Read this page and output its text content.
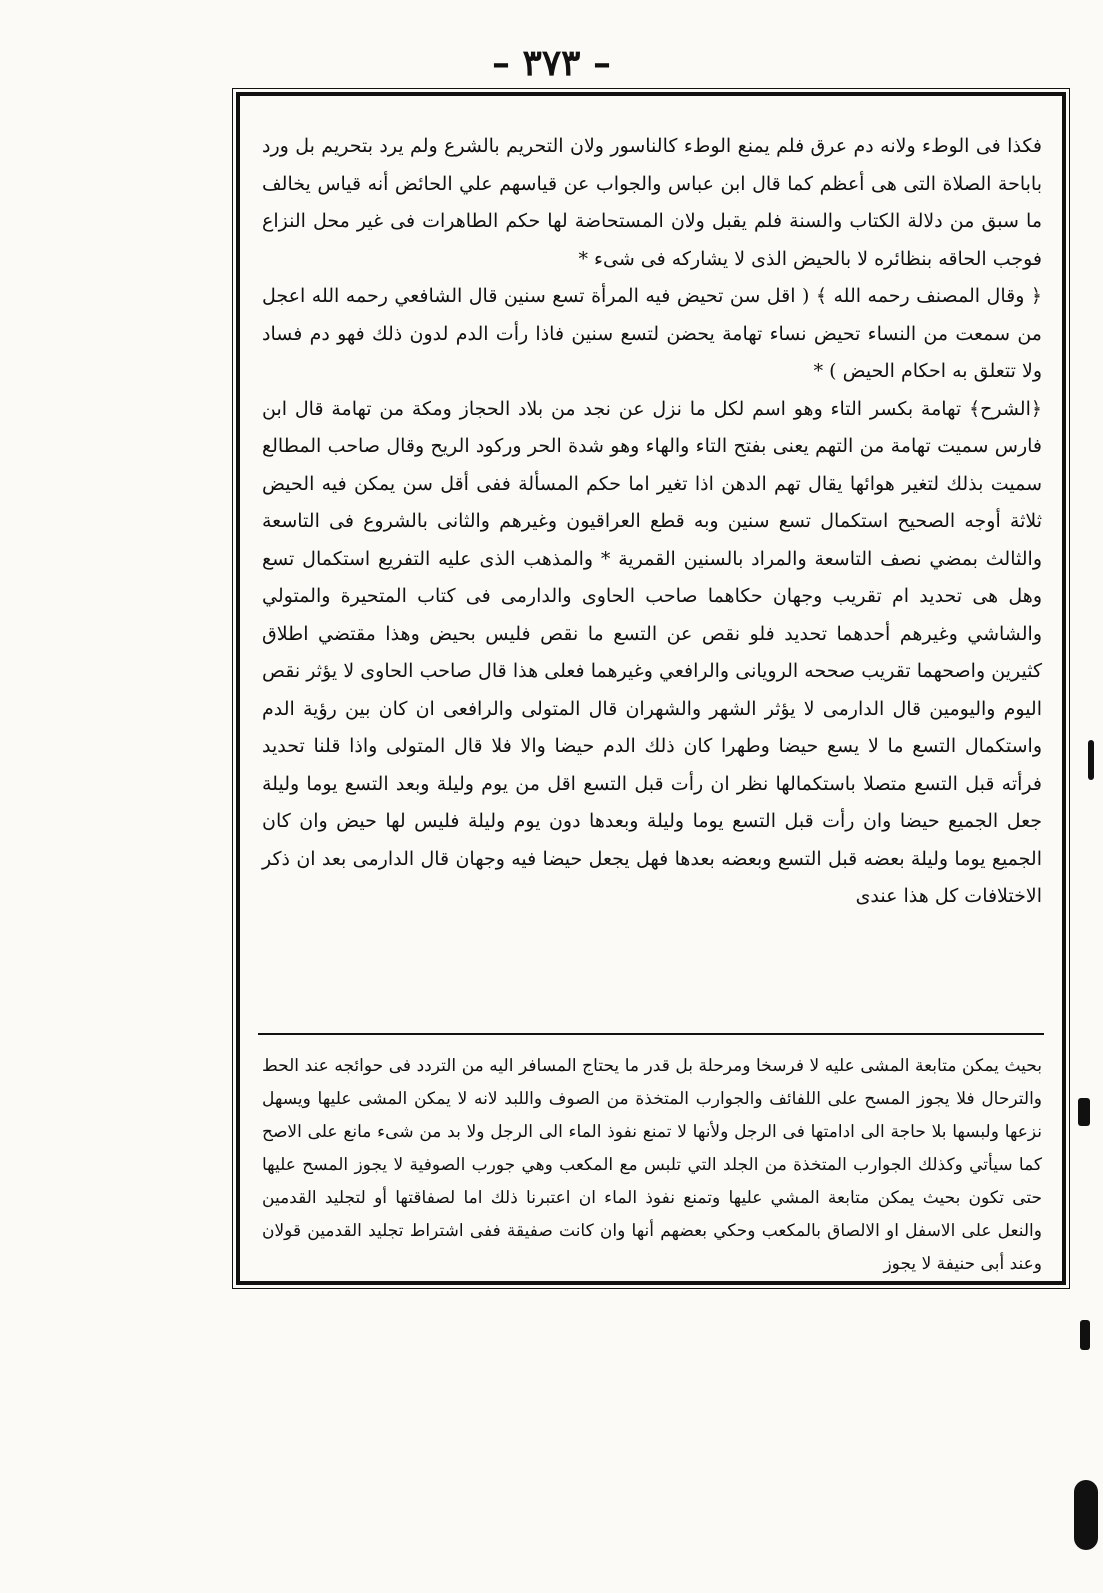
– ٣٧٣ –

فكذا فى الوطء ولانه دم عرق فلم يمنع الوطء كالناسور ولان التحريم بالشرع ولم يرد بتحريم بل ورد باباحة الصلاة التى هى أعظم كما قال ابن عباس والجواب عن قياسهم علي الحائض أنه قياس يخالف ما سبق من دلالة الكتاب والسنة فلم يقبل ولان المستحاضة لها حكم الطاهرات فى غير محل النزاع فوجب الحاقه بنظائره لا بالحيض الذى لا يشاركه فى شىء *

﴿ وقال المصنف رحمه الله ﴾ ( اقل سن تحيض فيه المرأة تسع سنين قال الشافعي رحمه الله اعجل من سمعت من النساء تحيض نساء تهامة يحضن لتسع سنين فاذا رأت الدم لدون ذلك فهو دم فساد ولا تتعلق به احكام الحيض ) *

﴿الشرح﴾ تهامة بكسر التاء وهو اسم لكل ما نزل عن نجد من بلاد الحجاز ومكة من تهامة قال ابن فارس سميت تهامة من التهم يعنى بفتح التاء والهاء وهو شدة الحر وركود الريح وقال صاحب المطالع سميت بذلك لتغير هوائها يقال تهم الدهن اذا تغير اما حكم المسألة ففى أقل سن يمكن فيه الحيض ثلاثة أوجه الصحيح استكمال تسع سنين وبه قطع العراقيون وغيرهم والثانى بالشروع فى التاسعة والثالث بمضي نصف التاسعة والمراد بالسنين القمرية * والمذهب الذى عليه التفريع استكمال تسع وهل هى تحديد ام تقريب وجهان حكاهما صاحب الحاوى والدارمى فى كتاب المتحيرة والمتولي والشاشي وغيرهم أحدهما تحديد فلو نقص عن التسع ما نقص فليس بحيض وهذا مقتضي اطلاق كثيرين واصحهما تقريب صححه الرويانى والرافعي وغيرهما فعلى هذا قال صاحب الحاوى لا يؤثر نقص اليوم واليومين قال الدارمى لا يؤثر الشهر والشهران قال المتولى والرافعى ان كان بين رؤية الدم واستكمال التسع ما لا يسع حيضا وطهرا كان ذلك الدم حيضا والا فلا قال المتولى واذا قلنا تحديد فرأته قبل التسع متصلا باستكمالها نظر ان رأت قبل التسع اقل من يوم وليلة وبعد التسع يوما وليلة جعل الجميع حيضا وان رأت قبل التسع يوما وليلة وبعدها دون يوم وليلة فليس لها حيض وان كان الجميع يوما وليلة بعضه قبل التسع وبعضه بعدها فهل يجعل حيضا فيه وجهان قال الدارمى بعد ان ذكر الاختلافات كل هذا عندى

بحيث يمكن متابعة المشى عليه لا فرسخا ومرحلة بل قدر ما يحتاج المسافر اليه من التردد فى حوائجه عند الحط والترحال فلا يجوز المسح على اللفائف والجوارب المتخذة من الصوف واللبد لانه لا يمكن المشى عليها ويسهل نزعها ولبسها بلا حاجة الى ادامتها فى الرجل ولأنها لا تمنع نفوذ الماء الى الرجل ولا بد من شىء مانع على الاصح كما سيأتي وكذلك الجوارب المتخذة من الجلد التي تلبس مع المكعب وهي جورب الصوفية لا يجوز المسح عليها حتى تكون بحيث يمكن متابعة المشي عليها وتمنع نفوذ الماء ان اعتبرنا ذلك اما لصفاقتها أو لتجليد القدمين والنعل على الاسفل او الالصاق بالمكعب وحكي بعضهم أنها وان كانت صفيقة ففى اشتراط تجليد القدمين قولان وعند أبى حنيفة لا يجوز
